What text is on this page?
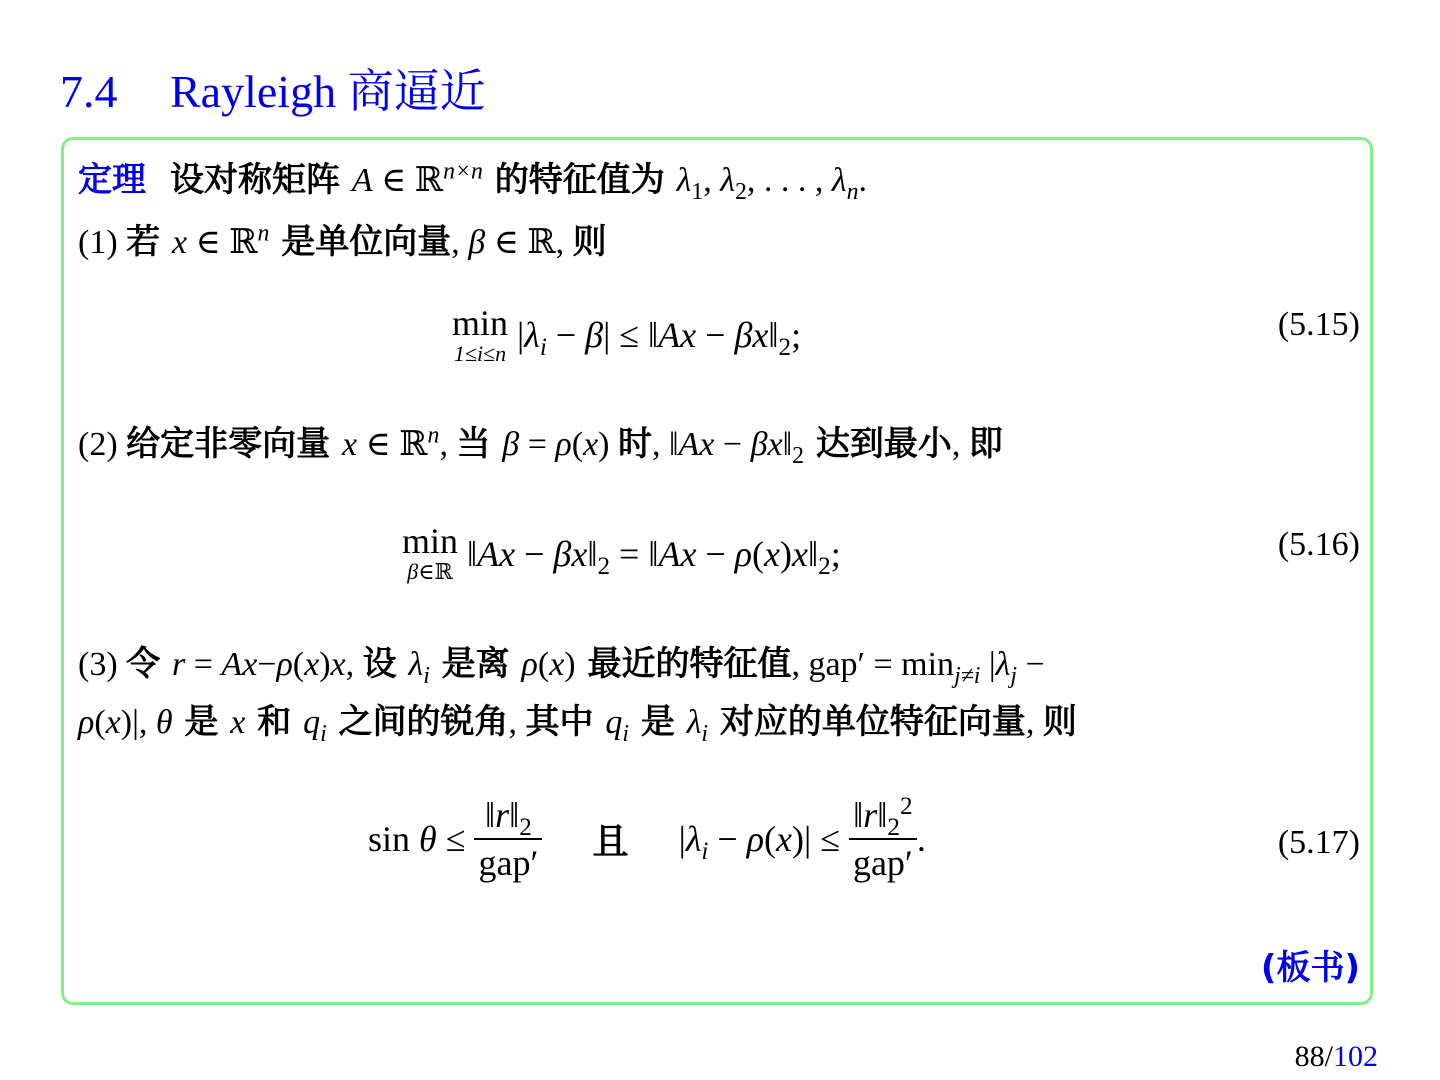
7.4 Rayleigh 商逼近
定理 设对称矩阵 A ∈ ℝ$^{n\times n}$ 的特征值为 $\lambda_1$, $\lambda_2$, . . . , $\lambda_n$.
(1) 若 x ∈ ℝ$^n$ 是单位向量, β ∈ ℝ, 则
min
1≤i≤n $|\lambda_i - \beta|$ ≤ ‖Ax − $\beta x‖_2$;	(5.15)
(2) 给定非零向量 x ∈ ℝ$^n$, 当 β = ρ(x) 时, ‖Ax − $\beta x‖_2$ 达到最小, 即
min
β∈ℝ ‖Ax − $\beta x‖_2$ = ‖Ax − $\rho(x)x‖_2$;	(5.16)
(3) 令 r = Ax−ρ(x)x, 设 $\lambda_i$ 是离 ρ(x) 最近的特征值, $gap' = \min_{j\ne i} |\lambda_j$ −
ρ(x)|, θ 是 x 和 $q_i$ 之间的锐角, 其中 $q_i$ 是 $\lambda_i$ 对应的单位特征向量, 则
$\sin \theta \le \frac{‖r‖_2}{\text{gap′}}$ 且    $|\lambda_i - \rho(x)| \le \frac{‖r‖_2^2}{\text{gap′}}$ .	(5.17)
(板书)
88/102
